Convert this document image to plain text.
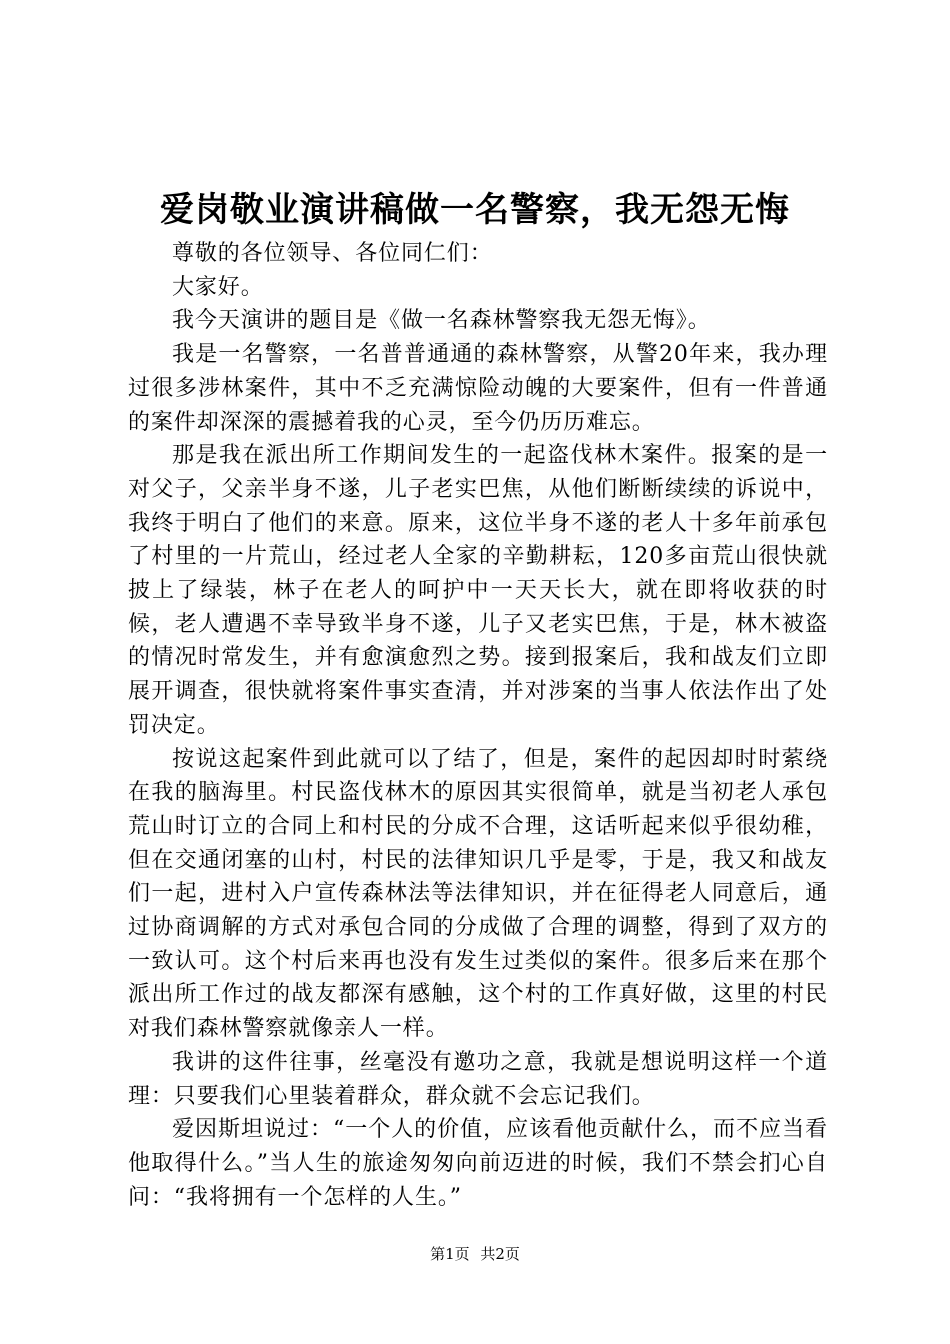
爱岗敬业演讲稿做一名警察，我无怨无悔

尊敬的各位领导、各位同仁们：

大家好。

我今天演讲的题目是《做一名森林警察我无怨无悔》。

我是一名警察，一名普普通通的森林警察，从警20年来，我办理过很多涉林案件，其中不乏充满惊险动魄的大要案件，但有一件普通的案件却深深的震撼着我的心灵，至今仍历历难忘。

那是我在派出所工作期间发生的一起盗伐林木案件。报案的是一对父子，父亲半身不遂，儿子老实巴焦，从他们断断续续的诉说中，我终于明白了他们的来意。原来，这位半身不遂的老人十多年前承包了村里的一片荒山，经过老人全家的辛勤耕耘，120多亩荒山很快就披上了绿装，林子在老人的呵护中一天天长大，就在即将收获的时候，老人遭遇不幸导致半身不遂，儿子又老实巴焦，于是，林木被盗的情况时常发生，并有愈演愈烈之势。接到报案后，我和战友们立即展开调查，很快就将案件事实查清，并对涉案的当事人依法作出了处罚决定。

按说这起案件到此就可以了结了，但是，案件的起因却时时萦绕在我的脑海里。村民盗伐林木的原因其实很简单，就是当初老人承包荒山时订立的合同上和村民的分成不合理，这话听起来似乎很幼稚，但在交通闭塞的山村，村民的法律知识几乎是零，于是，我又和战友们一起，进村入户宣传森林法等法律知识，并在征得老人同意后，通过协商调解的方式对承包合同的分成做了合理的调整，得到了双方的一致认可。这个村后来再也没有发生过类似的案件。很多后来在那个派出所工作过的战友都深有感触，这个村的工作真好做，这里的村民对我们森林警察就像亲人一样。

我讲的这件往事，丝毫没有邀功之意，我就是想说明这样一个道理：只要我们心里装着群众，群众就不会忘记我们。

爱因斯坦说过：“一个人的价值，应该看他贡献什么，而不应当看他取得什么。”当人生的旅途匆匆向前迈进的时候，我们不禁会扪心自问：“我将拥有一个怎样的人生。”

第1页 共2页
